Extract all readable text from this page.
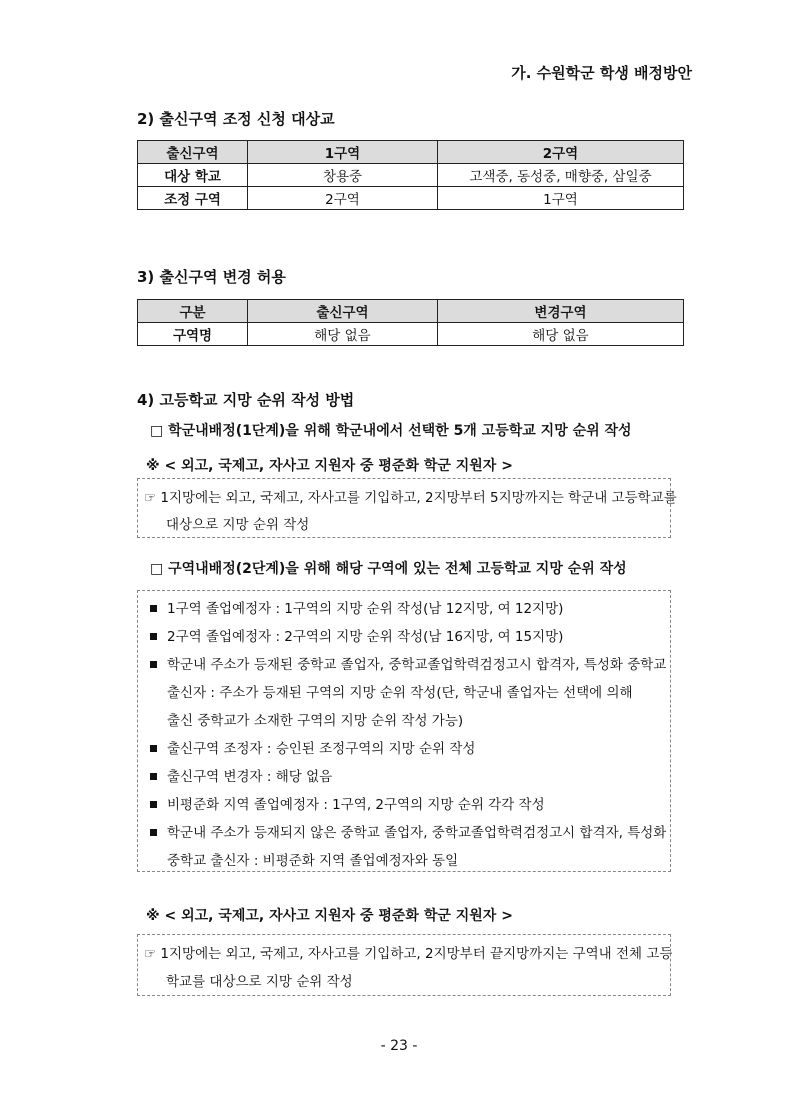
가. 수원학군 학생 배정방안
2) 출신구역 조정 신청 대상교
출신구역	1구역	2구역
대상 학교	창용중	고색중, 동성중, 매향중, 삼일중
조정 구역	2구역	1구역
3) 출신구역 변경 허용
구분	출신구역	변경구역
구역명	해당 없음	해당 없음
4) 고등학교 지망 순위 작성 방법
□ 학군내배정(1단계)을 위해 학군내에서 선택한 5개 고등학교 지망 순위 작성
※ < 외고, 국제고, 자사고 지원자 중 평준화 학군 지원자 >
☞ 1지망에는 외고, 국제고, 자사고를 기입하고, 2지망부터 5지망까지는 학군내 고등학교를
대상으로 지망 순위 작성
□ 구역내배정(2단계)을 위해 해당 구역에 있는 전체 고등학교 지망 순위 작성
1구역 졸업예정자 : 1구역의 지망 순위 작성(남 12지망, 여 12지망)
2구역 졸업예정자 : 2구역의 지망 순위 작성(남 16지망, 여 15지망)
학군내 주소가 등재된 중학교 졸업자, 중학교졸업학력검정고시 합격자, 특성화 중학교
출신자 : 주소가 등재된 구역의 지망 순위 작성(단, 학군내 졸업자는 선택에 의해
출신 중학교가 소재한 구역의 지망 순위 작성 가능)
출신구역 조정자 : 승인된 조정구역의 지망 순위 작성
출신구역 변경자 : 해당 없음
비평준화 지역 졸업예정자 : 1구역, 2구역의 지망 순위 각각 작성
학군내 주소가 등재되지 않은 중학교 졸업자, 중학교졸업학력검정고시 합격자, 특성화
중학교 출신자 : 비평준화 지역 졸업예정자와 동일
※ < 외고, 국제고, 자사고 지원자 중 평준화 학군 지원자 >
☞ 1지망에는 외고, 국제고, 자사고를 기입하고, 2지망부터 끝지망까지는 구역내 전체 고등
학교를 대상으로 지망 순위 작성
- 23 -
